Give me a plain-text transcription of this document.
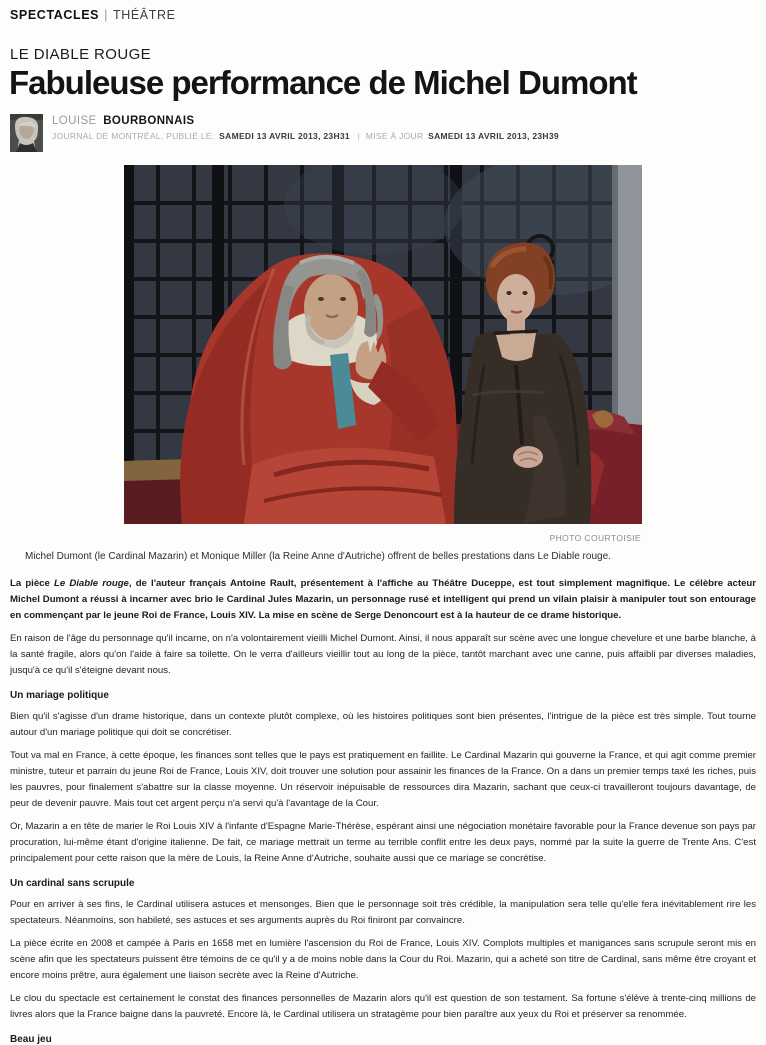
SPECTACLES | THÉÂTRE
LE DIABLE ROUGE
Fabuleuse performance de Michel Dumont
LOUISE BOURBONNAIS
JOURNAL DE MONTRÉAL, PUBLIÉ LE: SAMEDI 13 AVRIL 2013, 23H31 | MISE À JOUR SAMEDI 13 AVRIL 2013, 23H39
PHOTO COURTOISIE
Michel Dumont (le Cardinal Mazarin) et Monique Miller (la Reine Anne d'Autriche) offrent de belles prestations dans Le Diable rouge.

La pièce Le Diable rouge, de l'auteur français Antoine Rault, présentement à l'affiche au Théâtre Duceppe, est tout simplement magnifique. Le célèbre acteur Michel Dumont a réussi à incarner avec brio le Cardinal Jules Mazarin, un personnage rusé et intelligent qui prend un vilain plaisir à manipuler tout son entourage en commençant par le jeune Roi de France, Louis XIV. La mise en scène de Serge Denoncourt est à la hauteur de ce drame historique.

En raison de l'âge du personnage qu'il incarne, on n'a volontairement vieilli Michel Dumont. Ainsi, il nous apparaît sur scène avec une longue chevelure et une barbe blanche, à la santé fragile, alors qu'on l'aide à faire sa toilette. On le verra d'ailleurs vieillir tout au long de la pièce, tantôt marchant avec une canne, puis affaibli par diverses maladies, jusqu'à ce qu'il s'éteigne devant nous.

Un mariage politique

Bien qu'il s'agisse d'un drame historique, dans un contexte plutôt complexe, où les histoires politiques sont bien présentes, l'intrigue de la pièce est très simple. Tout tourne autour d'un mariage politique qui doit se concrétiser.

Tout va mal en France, à cette époque, les finances sont telles que le pays est pratiquement en faillite. Le Cardinal Mazarin qui gouverne la France, et qui agit comme premier ministre, tuteur et parrain du jeune Roi de France, Louis XIV, doit trouver une solution pour assainir les finances de la France. On a dans un premier temps taxé les riches, puis les pauvres, pour finalement s'abattre sur la classe moyenne. Un réservoir inépuisable de ressources dira Mazarin, sachant que ceux-ci travailleront toujours davantage, de peur de devenir pauvre. Mais tout cet argent perçu n'a servi qu'à l'avantage de la Cour.

Or, Mazarin a en tête de marier le Roi Louis XIV à l'infante d'Espagne Marie-Thérèse, espérant ainsi une négociation monétaire favorable pour la France devenue son pays par procuration, lui-même étant d'origine italienne. De fait, ce mariage mettrait un terme au terrible conflit entre les deux pays, nommé par la suite la guerre de Trente Ans. C'est principalement pour cette raison que la mère de Louis, la Reine Anne d'Autriche, souhaite aussi que ce mariage se concrétise.

Un cardinal sans scrupule

Pour en arriver à ses fins, le Cardinal utilisera astuces et mensonges. Bien que le personnage soit très crédible, la manipulation sera telle qu'elle fera inévitablement rire les spectateurs. Néanmoins, son habileté, ses astuces et ses arguments auprès du Roi finiront par convaincre.

La pièce écrite en 2008 et campée à Paris en 1658 met en lumière l'ascension du Roi de France, Louis XIV. Complots multiples et manigances sans scrupule seront mis en scène afin que les spectateurs puissent être témoins de ce qu'il y a de moins noble dans la Cour du Roi. Mazarin, qui a acheté son titre de Cardinal, sans même être croyant et encore moins prêtre, aura également une liaison secrète avec la Reine d'Autriche.

Le clou du spectacle est certainement le constat des finances personnelles de Mazarin alors qu'il est question de son testament. Sa fortune s'élève à trente-cinq millions de livres alors que la France baigne dans la pauvreté. Encore là, le Cardinal utilisera un stratagème pour bien paraître aux yeux du Roi et préserver sa renommée.

Beau jeu
